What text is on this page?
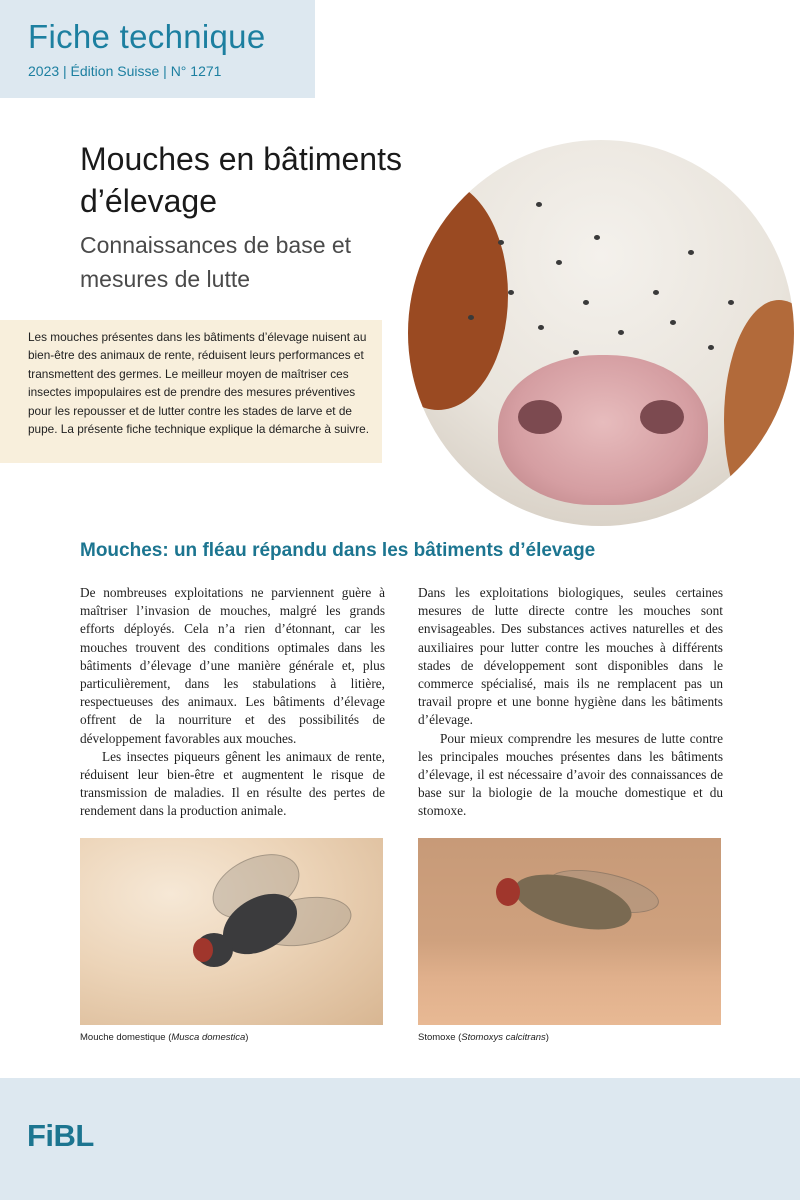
Fiche technique
2023 | Édition Suisse | N° 1271
Mouches en bâtiments d’élevage
Connaissances de base et mesures de lutte
Les mouches présentes dans les bâtiments d’élevage nuisent au bien-être des animaux de rente, réduisent leurs performances et transmettent des germes. Le meilleur moyen de maîtriser ces insectes impopulaires est de prendre des mesures préventives pour les repousser et de lutter contre les stades de larve et de pupe. La présente fiche technique explique la démarche à suivre.
Mouches: un fléau répandu dans les bâtiments d’élevage

De nombreuses exploitations ne parviennent guère à maîtriser l’invasion de mouches, malgré les grands efforts déployés. Cela n’a rien d’étonnant, car les mouches trouvent des conditions optimales dans les bâtiments d’élevage d’une manière générale et, plus particulièrement, dans les stabulations à litière, respectueuses des animaux. Les bâtiments d’élevage offrent de la nourriture et des possibilités de développement favorables aux mouches.

Les insectes piqueurs gênent les animaux de rente, réduisent leur bien-être et augmentent le risque de transmission de maladies. Il en résulte des pertes de rendement dans la production animale.

Dans les exploitations biologiques, seules certaines mesures de lutte directe contre les mouches sont envisageables. Des substances actives naturelles et des auxiliaires pour lutter contre les mouches à différents stades de développement sont disponibles dans le commerce spécialisé, mais ils ne remplacent pas un travail propre et une bonne hygiène dans les bâtiments d’élevage.

Pour mieux comprendre les mesures de lutte contre les principales mouches présentes dans les bâtiments d’élevage, il est nécessaire d’avoir des connaissances de base sur la biologie de la mouche domestique et du stomoxe.

Mouche domestique (Musca domestica)	Stomoxe (Stomoxys calcitrans)
FiBL
